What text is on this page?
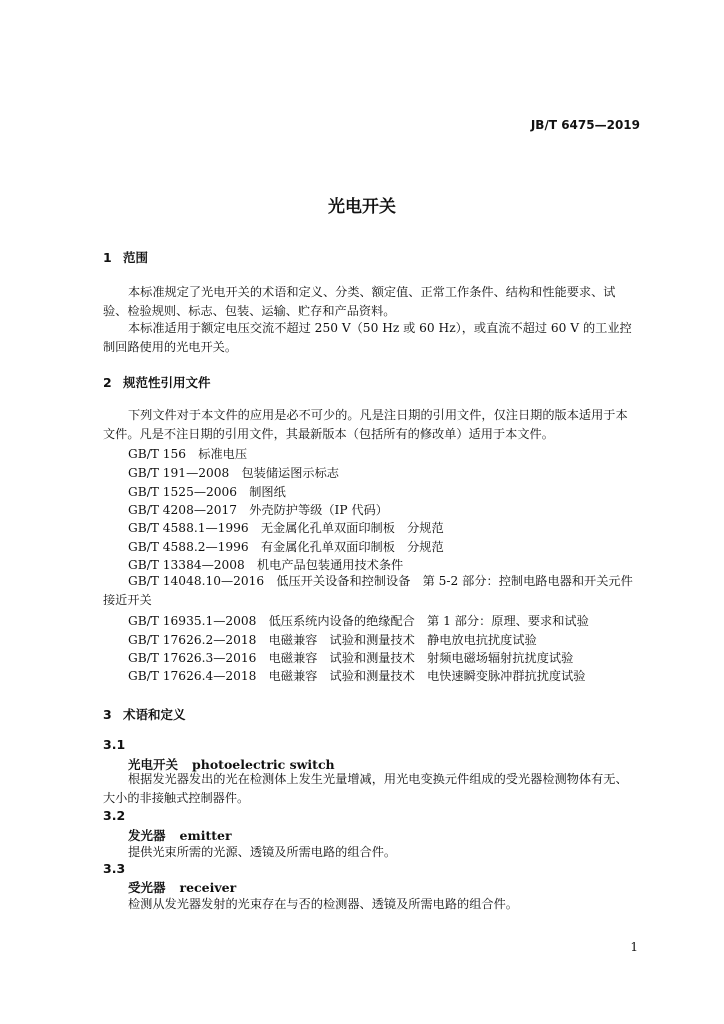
JB/T 6475—2019
光电开关
1 范围
本标准规定了光电开关的术语和定义、分类、额定值、正常工作条件、结构和性能要求、试验、检验规则、标志、包装、运输、贮存和产品资料。
本标准适用于额定电压交流不超过 250 V（50 Hz 或 60 Hz），或直流不超过 60 V 的工业控制回路使用的光电开关。
2 规范性引用文件
下列文件对于本文件的应用是必不可少的。凡是注日期的引用文件，仅注日期的版本适用于本文件。凡是不注日期的引用文件，其最新版本（包括所有的修改单）适用于本文件。
GB/T 156　标准电压
GB/T 191—2008　包装储运图示标志
GB/T 1525—2006　制图纸
GB/T 4208—2017　外壳防护等级（IP 代码）
GB/T 4588.1—1996　无金属化孔单双面印制板　分规范
GB/T 4588.2—1996　有金属化孔单双面印制板　分规范
GB/T 13384—2008　机电产品包装通用技术条件
GB/T 14048.10—2016　低压开关设备和控制设备　第 5-2 部分：控制电路电器和开关元件　接近开关
GB/T 16935.1—2008　低压系统内设备的绝缘配合　第 1 部分：原理、要求和试验
GB/T 17626.2—2018　电磁兼容　试验和测量技术　静电放电抗扰度试验
GB/T 17626.3—2016　电磁兼容　试验和测量技术　射频电磁场辐射抗扰度试验
GB/T 17626.4—2018　电磁兼容　试验和测量技术　电快速瞬变脉冲群抗扰度试验
3 术语和定义
3.1
光电开关 photoelectric switch
根据发光器发出的光在检测体上发生光量增减，用光电变换元件组成的受光器检测物体有无、大小的非接触式控制器件。
3.2
发光器 emitter
提供光束所需的光源、透镜及所需电路的组合件。
3.3
受光器 receiver
检测从发光器发射的光束存在与否的检测器、透镜及所需电路的组合件。
1
